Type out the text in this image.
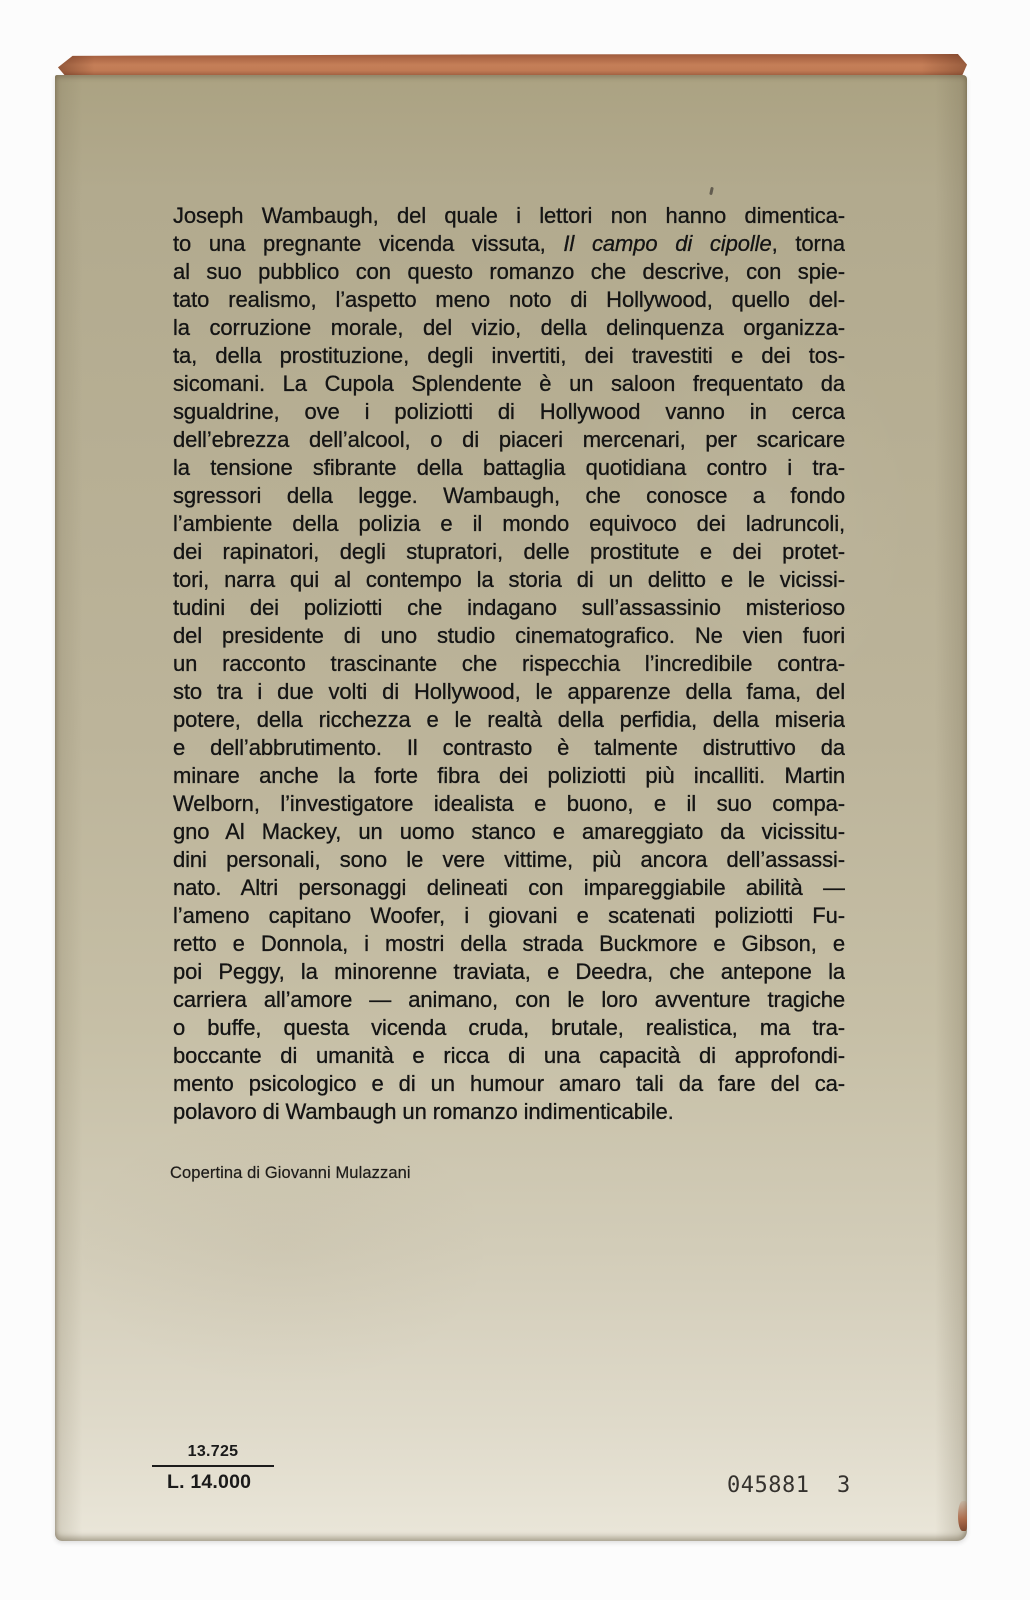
Joseph Wambaugh, del quale i lettori non hanno dimentica-
to una pregnante vicenda vissuta, Il campo di cipolle, torna
al suo pubblico con questo romanzo che descrive, con spie-
tato realismo, l’aspetto meno noto di Hollywood, quello del-
la corruzione morale, del vizio, della delinquenza organizza-
ta, della prostituzione, degli invertiti, dei travestiti e dei tos-
sicomani. La Cupola Splendente è un saloon frequentato da
sgualdrine, ove i poliziotti di Hollywood vanno in cerca
dell’ebrezza dell’alcool, o di piaceri mercenari, per scaricare
la tensione sfibrante della battaglia quotidiana contro i tra-
sgressori della legge. Wambaugh, che conosce a fondo
l’ambiente della polizia e il mondo equivoco dei ladruncoli,
dei rapinatori, degli stupratori, delle prostitute e dei protet-
tori, narra qui al contempo la storia di un delitto e le vicissi-
tudini dei poliziotti che indagano sull’assassinio misterioso
del presidente di uno studio cinematografico. Ne vien fuori
un racconto trascinante che rispecchia l’incredibile contra-
sto tra i due volti di Hollywood, le apparenze della fama, del
potere, della ricchezza e le realtà della perfidia, della miseria
e dell’abbrutimento. Il contrasto è talmente distruttivo da
minare anche la forte fibra dei poliziotti più incalliti. Martin
Welborn, l’investigatore idealista e buono, e il suo compa-
gno Al Mackey, un uomo stanco e amareggiato da vicissitu-
dini personali, sono le vere vittime, più ancora dell’assassi-
nato. Altri personaggi delineati con impareggiabile abilità —
l’ameno capitano Woofer, i giovani e scatenati poliziotti Fu-
retto e Donnola, i mostri della strada Buckmore e Gibson, e
poi Peggy, la minorenne traviata, e Deedra, che antepone la
carriera all’amore — animano, con le loro avventure tragiche
o buffe, questa vicenda cruda, brutale, realistica, ma tra-
boccante di umanità e ricca di una capacità di approfondi-
mento psicologico e di un humour amaro tali da fare del ca-
polavoro di Wambaugh un romanzo indimenticabile.
Copertina di Giovanni Mulazzani
13.725
L. 14.000	045881  3
